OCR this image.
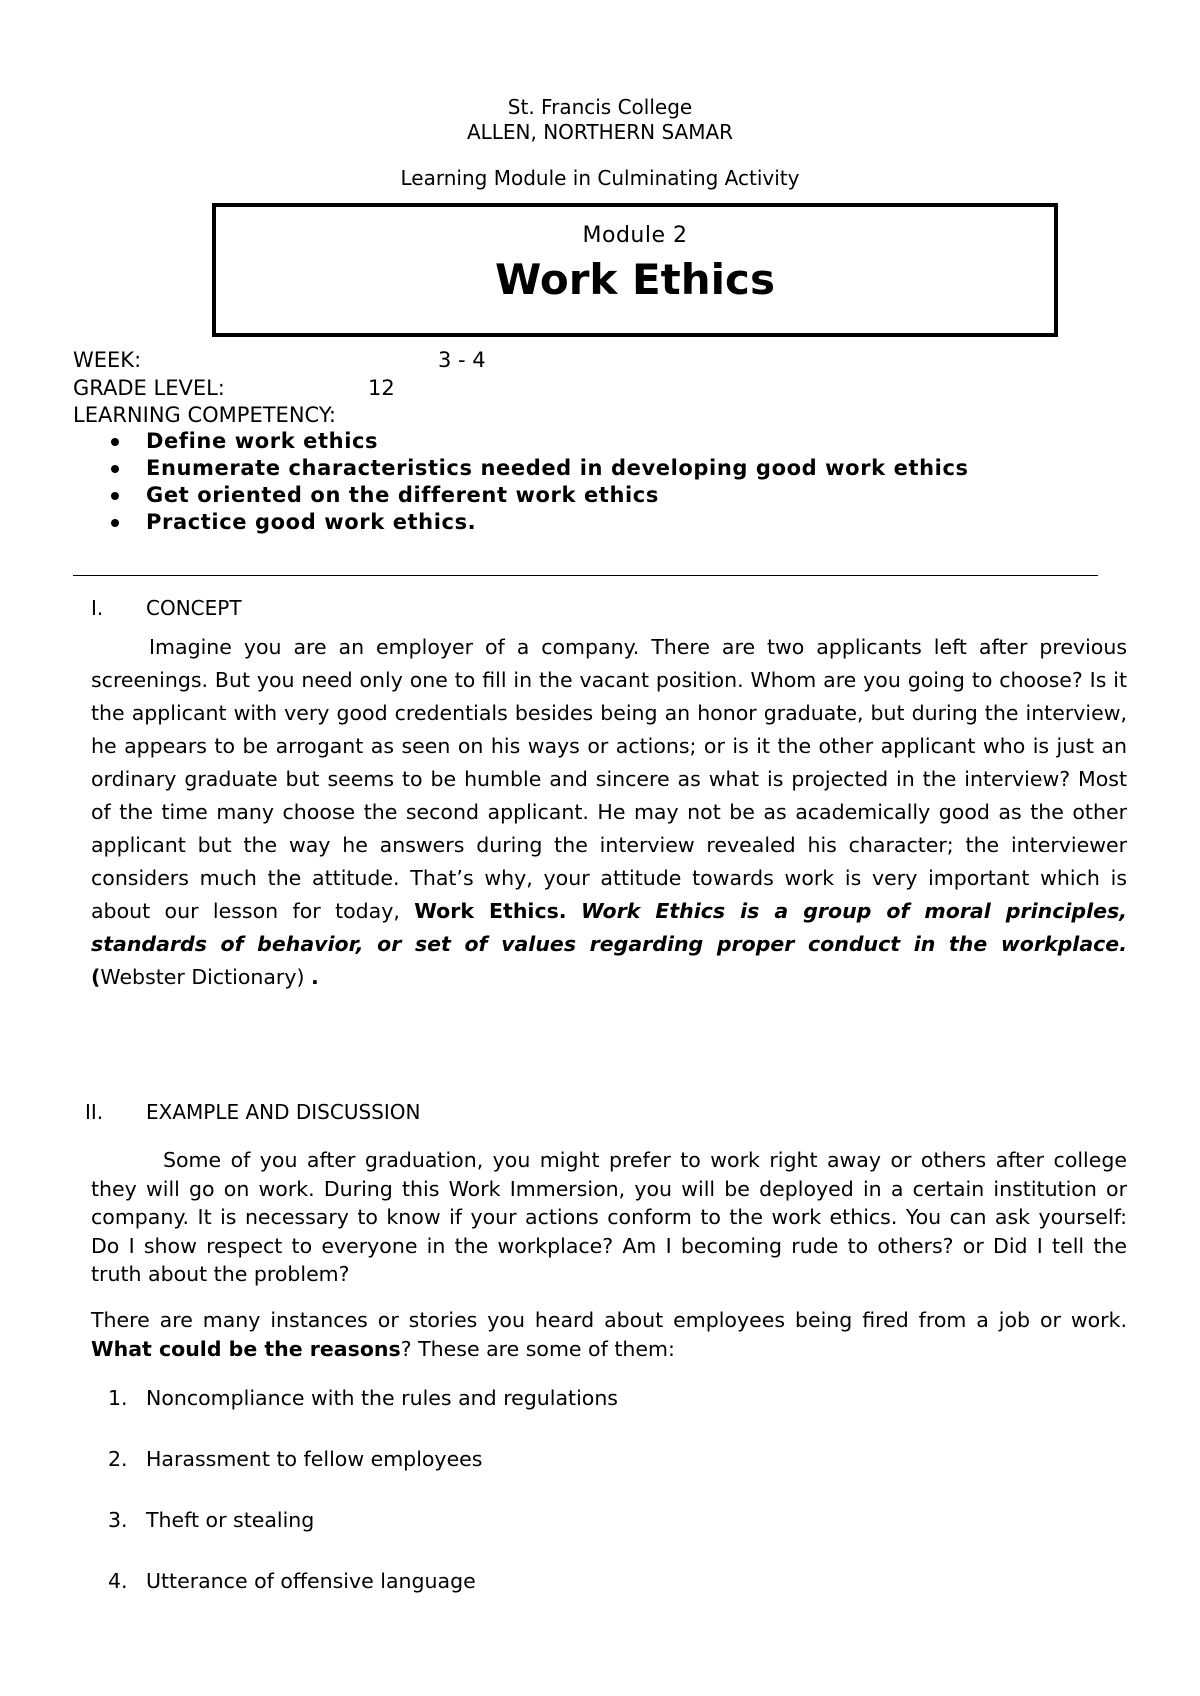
St. Francis College
ALLEN, NORTHERN SAMAR
Learning Module in Culminating Activity
Module 2
Work Ethics
WEEK:	3 - 4
GRADE LEVEL:	12
LEARNING COMPETENCY:
Define work ethics
Enumerate characteristics needed in developing good work ethics
Get oriented on the different work ethics
Practice good work ethics.
I. CONCEPT
Imagine you are an employer of a company. There are two applicants left after previous screenings. But you need only one to fill in the vacant position. Whom are you going to choose? Is it the applicant with very good credentials besides being an honor graduate, but during the interview, he appears to be arrogant as seen on his ways or actions; or is it the other applicant who is just an ordinary graduate but seems to be humble and sincere as what is projected in the interview? Most of the time many choose the second applicant. He may not be as academically good as the other applicant but the way he answers during the interview revealed his character; the interviewer considers much the attitude. That’s why, your attitude towards work is very important which is about our lesson for today, Work Ethics. Work Ethics is a group of moral principles, standards of behavior, or set of values regarding proper conduct in the workplace. (Webster Dictionary) .
II. EXAMPLE AND DISCUSSION
Some of you after graduation, you might prefer to work right away or others after college they will go on work. During this Work Immersion, you will be deployed in a certain institution or company. It is necessary to know if your actions conform to the work ethics. You can ask yourself: Do I show respect to everyone in the workplace? Am I becoming rude to others? or Did I tell the truth about the problem?
There are many instances or stories you heard about employees being fired from a job or work. What could be the reasons? These are some of them:
1. Noncompliance with the rules and regulations
2. Harassment to fellow employees
3. Theft or stealing
4. Utterance of offensive language
